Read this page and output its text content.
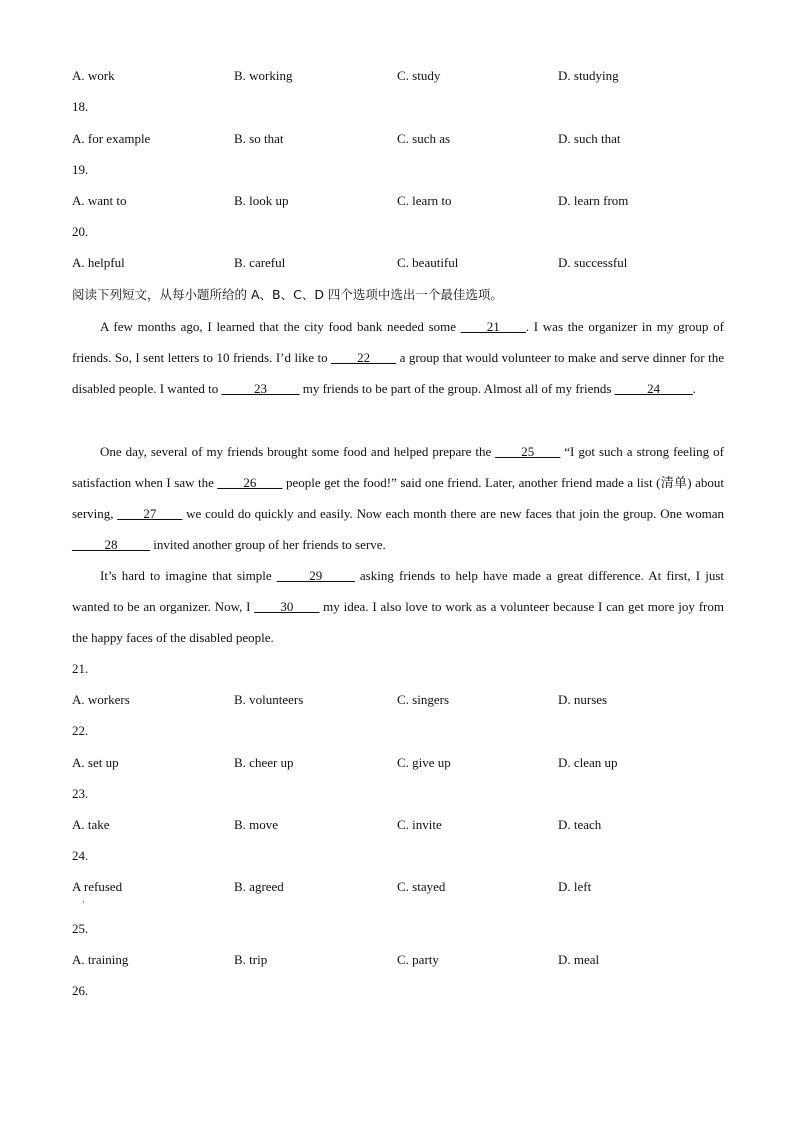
A. work	B. working	C. study	D. studying
18.
A. for example	B. so that	C. such as	D. such that
19.
A. want to	B. look up	C. learn to	D. learn from
20.
A. helpful	B. careful	C. beautiful	D. successful
阅读下列短文，从每小题所给的 A、B、C、D 四个选项中选出一个最佳选项。

A few months ago, I learned that the city food bank needed some ____21____. I was the organizer in my group of friends. So, I sent letters to 10 friends. I’d like to ____22____ a group that would volunteer to make and serve dinner for the disabled people. I wanted to _____23_____ my friends to be part of the group. Almost all of my friends _____24_____.

One day, several of my friends brought some food and helped prepare the ____25____ “I got such a strong feeling of satisfaction when I saw the ____26____ people get the food!” said one friend. Later, another friend made a list (清单) about serving, ____27____ we could do quickly and easily. Now each month there are new faces that join the group. One woman _____28_____ invited another group of her friends to serve.

It’s hard to imagine that simple _____29_____ asking friends to help have made a great difference. At first, I just wanted to be an organizer. Now, I ____30____ my idea. I also love to work as a volunteer because I can get more joy from the happy faces of the disabled people.

21.
A. workers	B. volunteers	C. singers	D. nurses
22.
A. set up	B. cheer up	C. give up	D. clean up
23.
A. take	B. move	C. invite	D. teach
24.
A refused	B. agreed	C. stayed	D. left
·
25.
A. training	B. trip	C. party	D. meal
26.
